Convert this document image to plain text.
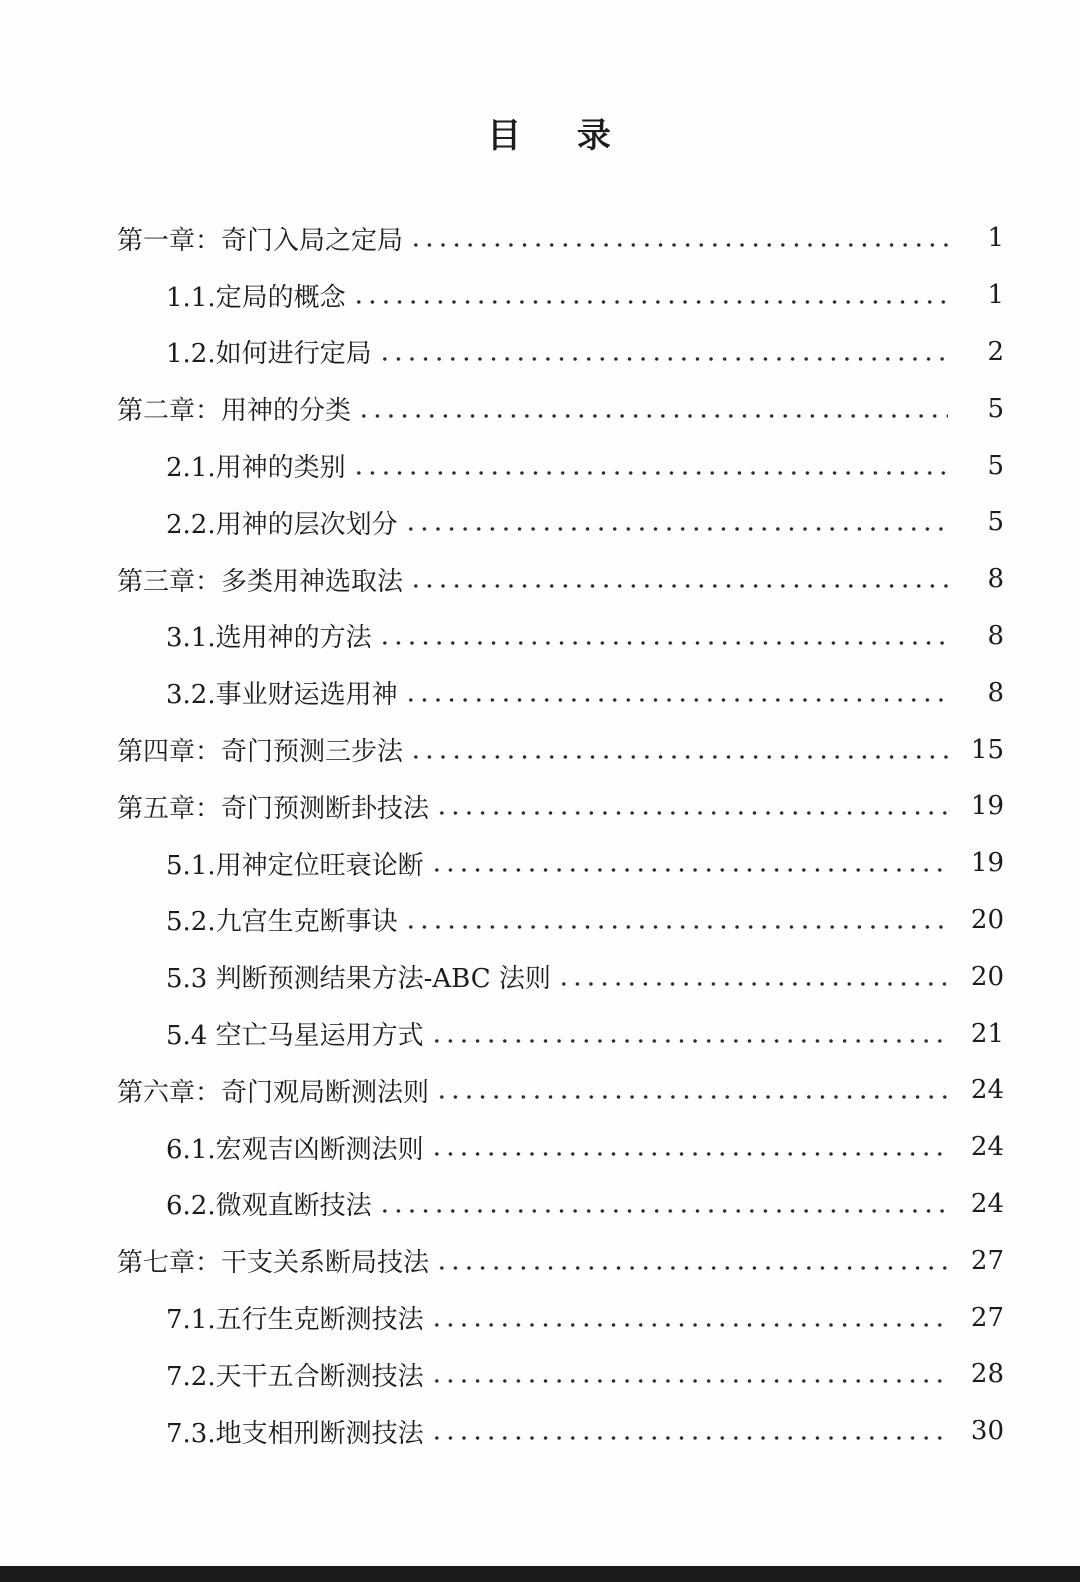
目 录
第一章：奇门入局之定局	1
1.1.定局的概念	1
1.2.如何进行定局	2
第二章：用神的分类	5
2.1.用神的类别	5
2.2.用神的层次划分	5
第三章：多类用神选取法	8
3.1.选用神的方法	8
3.2.事业财运选用神	8
第四章：奇门预测三步法	15
第五章：奇门预测断卦技法	19
5.1.用神定位旺衰论断	19
5.2.九宫生克断事诀	20
5.3 判断预测结果方法-ABC 法则	20
5.4 空亡马星运用方式	21
第六章：奇门观局断测法则	24
6.1.宏观吉凶断测法则	24
6.2.微观直断技法	24
第七章：干支关系断局技法	27
7.1.五行生克断测技法	27
7.2.天干五合断测技法	28
7.3.地支相刑断测技法	30
